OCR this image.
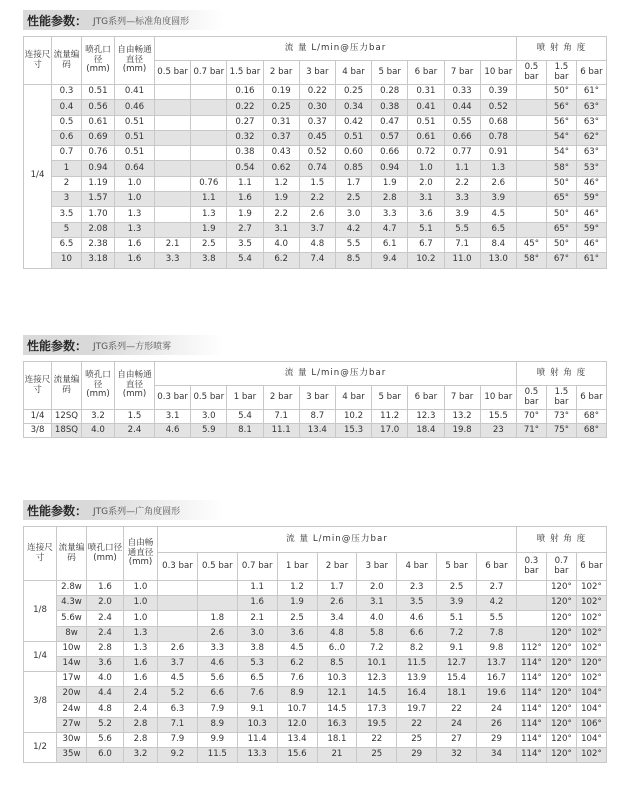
性能参数： JTG系列—标准角度圆形
连接尺寸	流量编码	喷孔口径(mm)	自由畅通直径(mm)	流 量 L/min@压力bar										喷 射 角 度		
				0.5 bar	0.7 bar	1.5 bar	2 bar	3 bar	4 bar	5 bar	6 bar	7 bar	10 bar	0.5 bar	1.5 bar	6 bar
1/4	0.3	0.51	0.41			0.16	0.19	0.22	0.25	0.28	0.31	0.33	0.39		50°	61°
	0.4	0.56	0.46			0.22	0.25	0.30	0.34	0.38	0.41	0.44	0.52		56°	63°
	0.5	0.61	0.51			0.27	0.31	0.37	0.42	0.47	0.51	0.55	0.68		56°	63°
	0.6	0.69	0.51			0.32	0.37	0.45	0.51	0.57	0.61	0.66	0.78		54°	62°
	0.7	0.76	0.51			0.38	0.43	0.52	0.60	0.66	0.72	0.77	0.91		54°	63°
	1	0.94	0.64			0.54	0.62	0.74	0.85	0.94	1.0	1.1	1.3		58°	53°
	2	1.19	1.0		0.76	1.1	1.2	1.5	1.7	1.9	2.0	2.2	2.6		50°	46°
	3	1.57	1.0		1.1	1.6	1.9	2.2	2.5	2.8	3.1	3.3	3.9		65°	59°
	3.5	1.70	1.3		1.3	1.9	2.2	2.6	3.0	3.3	3.6	3.9	4.5		50°	46°
	5	2.08	1.3		1.9	2.7	3.1	3.7	4.2	4.7	5.1	5.5	6.5		65°	59°
	6.5	2.38	1.6	2.1	2.5	3.5	4.0	4.8	5.5	6.1	6.7	7.1	8.4	45°	50°	46°
	10	3.18	1.6	3.3	3.8	5.4	6.2	7.4	8.5	9.4	10.2	11.0	13.0	58°	67°	61°
性能参数： JTG系列—方形喷雾
连接尺寸	流量编码	喷孔口径(mm)	自由畅通直径(mm)	流 量 L/min@压力bar										喷 射 角 度		
				0.3 bar	0.5 bar	1 bar	2 bar	3 bar	4 bar	5 bar	6 bar	7 bar	10 bar	0.5 bar	1.5 bar	6 bar
1/4	12SQ	3.2	1.5	3.1	3.0	5.4	7.1	8.7	10.2	11.2	12.3	13.2	15.5	70°	73°	68°
3/8	18SQ	4.0	2.4	4.6	5.9	8.1	11.1	13.4	15.3	17.0	18.4	19.8	23	71°	75°	68°
性能参数： JTG系列—广角度圆形
连接尺寸	流量编码	喷孔口径(mm)	自由畅通直径(mm)	流 量 L/min@压力bar									喷 射 角 度		
				0.3 bar	0.5 bar	0.7 bar	1 bar	2 bar	3 bar	4 bar	5 bar	6 bar	0.3 bar	0.7 bar	6 bar
1/8	2.8w	1.6	1.0			1.1	1.2	1.7	2.0	2.3	2.5	2.7		120°	102°
	4.3w	2.0	1.0			1.6	1.9	2.6	3.1	3.5	3.9	4.2		120°	102°
	5.6w	2.4	1.0		1.8	2.1	2.5	3.4	4.0	4.6	5.1	5.5		120°	102°
	8w	2.4	1.3		2.6	3.0	3.6	4.8	5.8	6.6	7.2	7.8		120°	102°
1/4	10w	2.8	1.3	2.6	3.3	3.8	4.5	6..0	7.2	8.2	9.1	9.8	112°	120°	102°
	14w	3.6	1.6	3.7	4.6	5.3	6.2	8.5	10.1	11.5	12.7	13.7	114°	120°	120°
3/8	17w	4.0	1.6	4.5	5.6	6.5	7.6	10.3	12.3	13.9	15.4	16.7	114°	120°	102°
	20w	4.4	2.4	5.2	6.6	7.6	8.9	12.1	14.5	16.4	18.1	19.6	114°	120°	104°
	24w	4.8	2.4	6.3	7.9	9.1	10.7	14.5	17.3	19.7	22	24	114°	120°	104°
	27w	5.2	2.8	7.1	8.9	10.3	12.0	16.3	19.5	22	24	26	114°	120°	106°
1/2	30w	5.6	2.8	7.9	9.9	11.4	13.4	18.1	22	25	27	29	114°	120°	104°
	35w	6.0	3.2	9.2	11.5	13.3	15.6	21	25	29	32	34	114°	120°	102°
